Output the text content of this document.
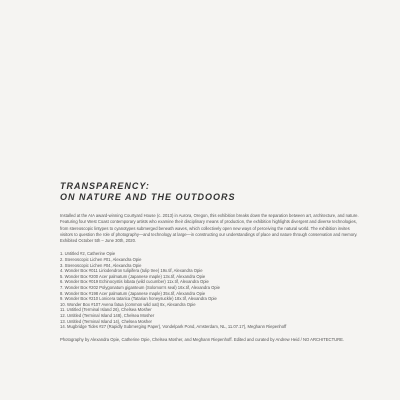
TRANSPARENCY:
ON NATURE AND THE OUTDOORS

Installed at the AIA award-winning Courtyard House (c. 2013) in Aurora, Oregon, this exhibition breaks down the separation between art, architecture, and nature. Featuring four West Coast contemporary artists who examine their disciplinary means of production, the exhibition highlights divergent and diverse technologies, from stereoscopic lintypes to cyanotypes submerged beneath waves, which collectively open new ways of perceiving the natural world. The exhibition invites visitors to question the role of photography—and technology at large—in constructing our understandings of place and nature through conservation and memory. Exhibited October 5th – June 30th, 2020.

1. Untitled #2, Catherine Opie
2. Stereoscopic Lichen #01, Alexandra Opie
3. Stereoscopic Lichen #04, Alexandra Opie
4. Wonder Box #011 Liriodendron tulipifera (tulip tree) 19x.tif, Alexandra Opie
5. Wonder Box #200 Acer palmatum (Japanese maple) 13x.tif, Alexandra Opie
6. Wonder Box #019 Echinocystis lobata (wild cucumber) 11x.tif, Alexandra Opie
7. Wonder Box #202 Polygonatum giganteum (Solomon's seal) 16x.tif, Alexandra Opie
8. Wonder Box #198 Acer palmatum (Japanese maple) 35x.tif, Alexandra Opie
9. Wonder Box #210 Lonicera tatarica (Tatarian honeysuckle) 18x.tif, Alexandra Opie
10. Wonder Box #107 Avena fatua (common wild oat) 8x, Alexandra Opie
11. Untitled (Terminal Island 26), Chelsea Mosher
12. Untitled (Terminal Island 148), Chelsea Mosher
13. Untitled (Terminal Island 14), Chelsea Mosher
14. Mugbridge Tides #27 (Rapidly Submerging Paper), Vondelpark Pond, Amsterdam, NL, 11.07.17), Meghann Riepenhoff

Photography by Alexandra Opie, Catherine Opie, Chelsea Mosher, and Meghann Riepenhoff. Edited and curated by Andrew Heid / NO ARCHITECTURE.
